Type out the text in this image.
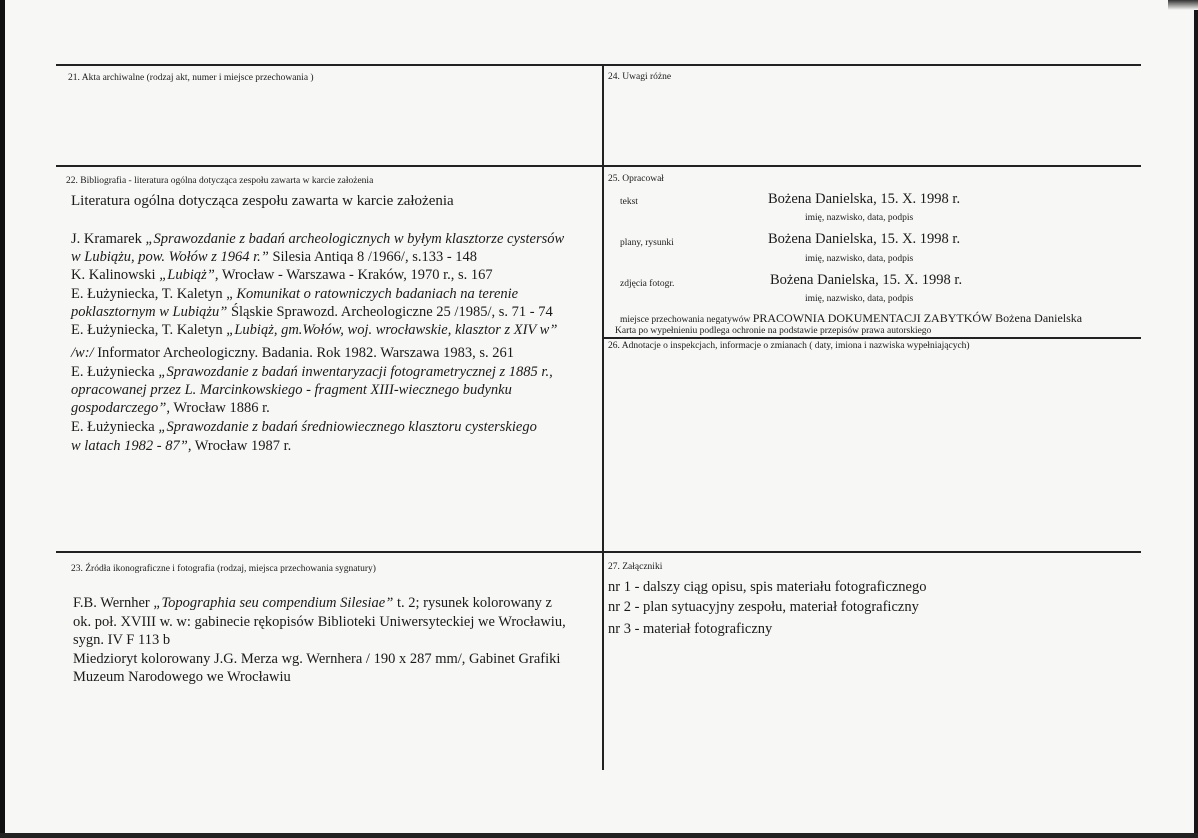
21. Akta archiwalne (rodzaj akt, numer i miejsce przechowania )	24. Uwagi różne
22. Bibliografia - literatura ogólna dotycząca zespołu zawarta w karcie założenia
Literatura ogólna dotycząca zespołu zawarta w karcie założenia
J. Kramarek „Sprawozdanie z badań archeologicznych w byłym klasztorze cystersów
w Lubiążu, pow. Wołów z 1964 r.” Silesia Antiqa 8 /1966/, s.133 - 148
K. Kalinowski „Lubiąż”, Wrocław - Warszawa - Kraków, 1970 r., s. 167
E. Łużyniecka, T. Kaletyn „ Komunikat o ratowniczych badaniach na terenie
poklasztornym w Lubiążu” Śląskie Sprawozd. Archeologiczne 25 /1985/, s. 71 - 74
E. Łużyniecka, T. Kaletyn „Lubiąż, gm.Wołów, woj. wrocławskie, klasztor z XIV w”
/w:/ Informator Archeologiczny. Badania. Rok 1982. Warszawa 1983, s. 261
E. Łużyniecka „Sprawozdanie z badań inwentaryzacji fotogrametrycznej z 1885 r.,
opracowanej przez L. Marcinkowskiego - fragment XIII-wiecznego budynku
gospodarczego”, Wrocław 1886 r.
E. Łużyniecka „Sprawozdanie z badań średniowiecznego klasztoru cysterskiego
w latach 1982 - 87”, Wrocław 1987 r.
25. Opracował
tekst	Bożena Danielska, 15. X. 1998 r.
imię, nazwisko, data, podpis
plany, rysunki	Bożena Danielska, 15. X. 1998 r.
imię, nazwisko, data, podpis
zdjęcia fotogr.	Bożena Danielska, 15. X. 1998 r.
imię, nazwisko, data, podpis
miejsce przechowania negatywów PRACOWNIA DOKUMENTACJI ZABYTKÓW Bożena Danielska
Karta po wypełnieniu podlega ochronie na podstawie przepisów prawa autorskiego
26. Adnotacje o inspekcjach, informacje o zmianach ( daty, imiona i nazwiska wypełniających)
23. Źródła ikonograficzne i fotografia (rodzaj, miejsca przechowania sygnatury)
F.B. Wernher „Topographia seu compendium Silesiae” t. 2; rysunek kolorowany z
ok. poł. XVIII w. w: gabinecie rękopisów Biblioteki Uniwersyteckiej we Wrocławiu,
sygn. IV F 113 b
Miedzioryt kolorowany J.G. Merza wg. Wernhera / 190 x 287 mm/, Gabinet Grafiki
Muzeum Narodowego we Wrocławiu
27. Załączniki
nr 1 - dalszy ciąg opisu, spis materiału fotograficznego
nr 2 - plan sytuacyjny zespołu, materiał fotograficzny
nr 3 - materiał fotograficzny
